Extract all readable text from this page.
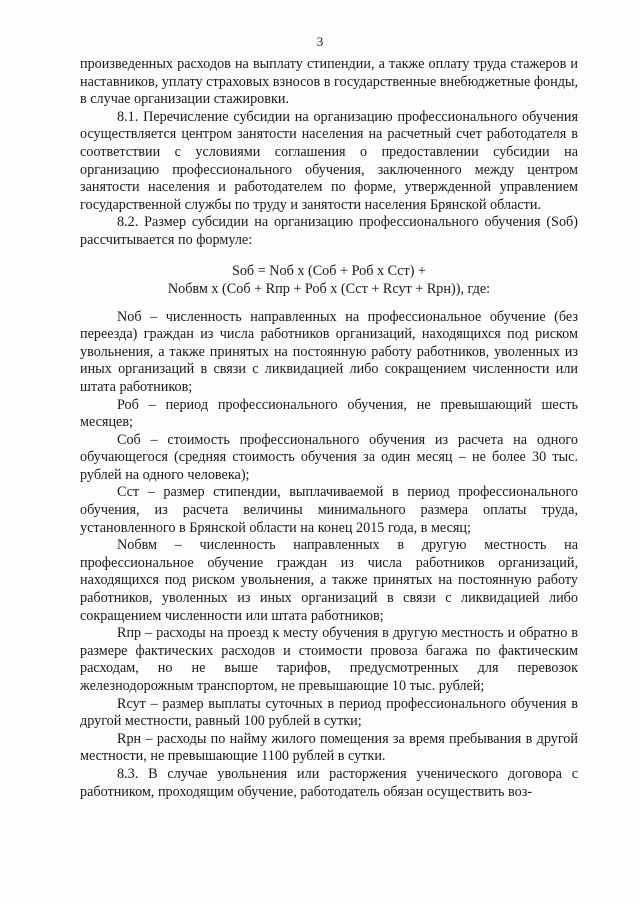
3

произведенных расходов на выплату стипендии, а также оплату труда стажеров и наставников, уплату страховых взносов в государственные внебюджетные фонды, в случае организации стажировки.

8.1. Перечисление субсидии на организацию профессионального обучения осуществляется центром занятости населения на расчетный счет работодателя в соответствии с условиями соглашения о предоставлении субсидии на организацию профессионального обучения, заключенного между центром занятости населения и работодателем по форме, утвержденной управлением государственной службы по труду и занятости населения Брянской области.

8.2. Размер субсидии на организацию профессионального обучения (Sоб) рассчитывается по формуле:

Sоб = Nоб х (Соб + Роб х Сст) +
Nобвм х (Соб + Rпр + Роб х (Сст + Rсут + Rрн)), где:

Nоб – численность направленных на профессиональное обучение (без переезда) граждан из числа работников организаций, находящихся под риском увольнения, а также принятых на постоянную работу работников, уволенных из иных организаций в связи с ликвидацией либо сокращением численности или штата работников;

Роб – период профессионального обучения, не превышающий шесть месяцев;

Соб – стоимость профессионального обучения из расчета на одного обучающегося (средняя стоимость обучения за один месяц – не более 30 тыс. рублей на одного человека);

Сст – размер стипендии, выплачиваемой в период профессионального обучения, из расчета величины минимального размера оплаты труда, установленного в Брянской области на конец 2015 года, в месяц;

Nобвм – численность направленных в другую местность на профессиональное обучение граждан из числа работников организаций, находящихся под риском увольнения, а также принятых на постоянную работу работников, уволенных из иных организаций в связи с ликвидацией либо сокращением численности или штата работников;

Rпр – расходы на проезд к месту обучения в другую местность и обратно в размере фактических расходов и стоимости провоза багажа по фактическим расходам, но не выше тарифов, предусмотренных для перевозок железнодорожным транспортом, не превышающие 10 тыс. рублей;

Rсут – размер выплаты суточных в период профессионального обучения в другой местности, равный 100 рублей в сутки;

Rрн – расходы по найму жилого помещения за время пребывания в другой местности, не превышающие 1100 рублей в сутки.

8.3. В случае увольнения или расторжения ученического договора с работником, проходящим обучение, работодатель обязан осуществить воз-
